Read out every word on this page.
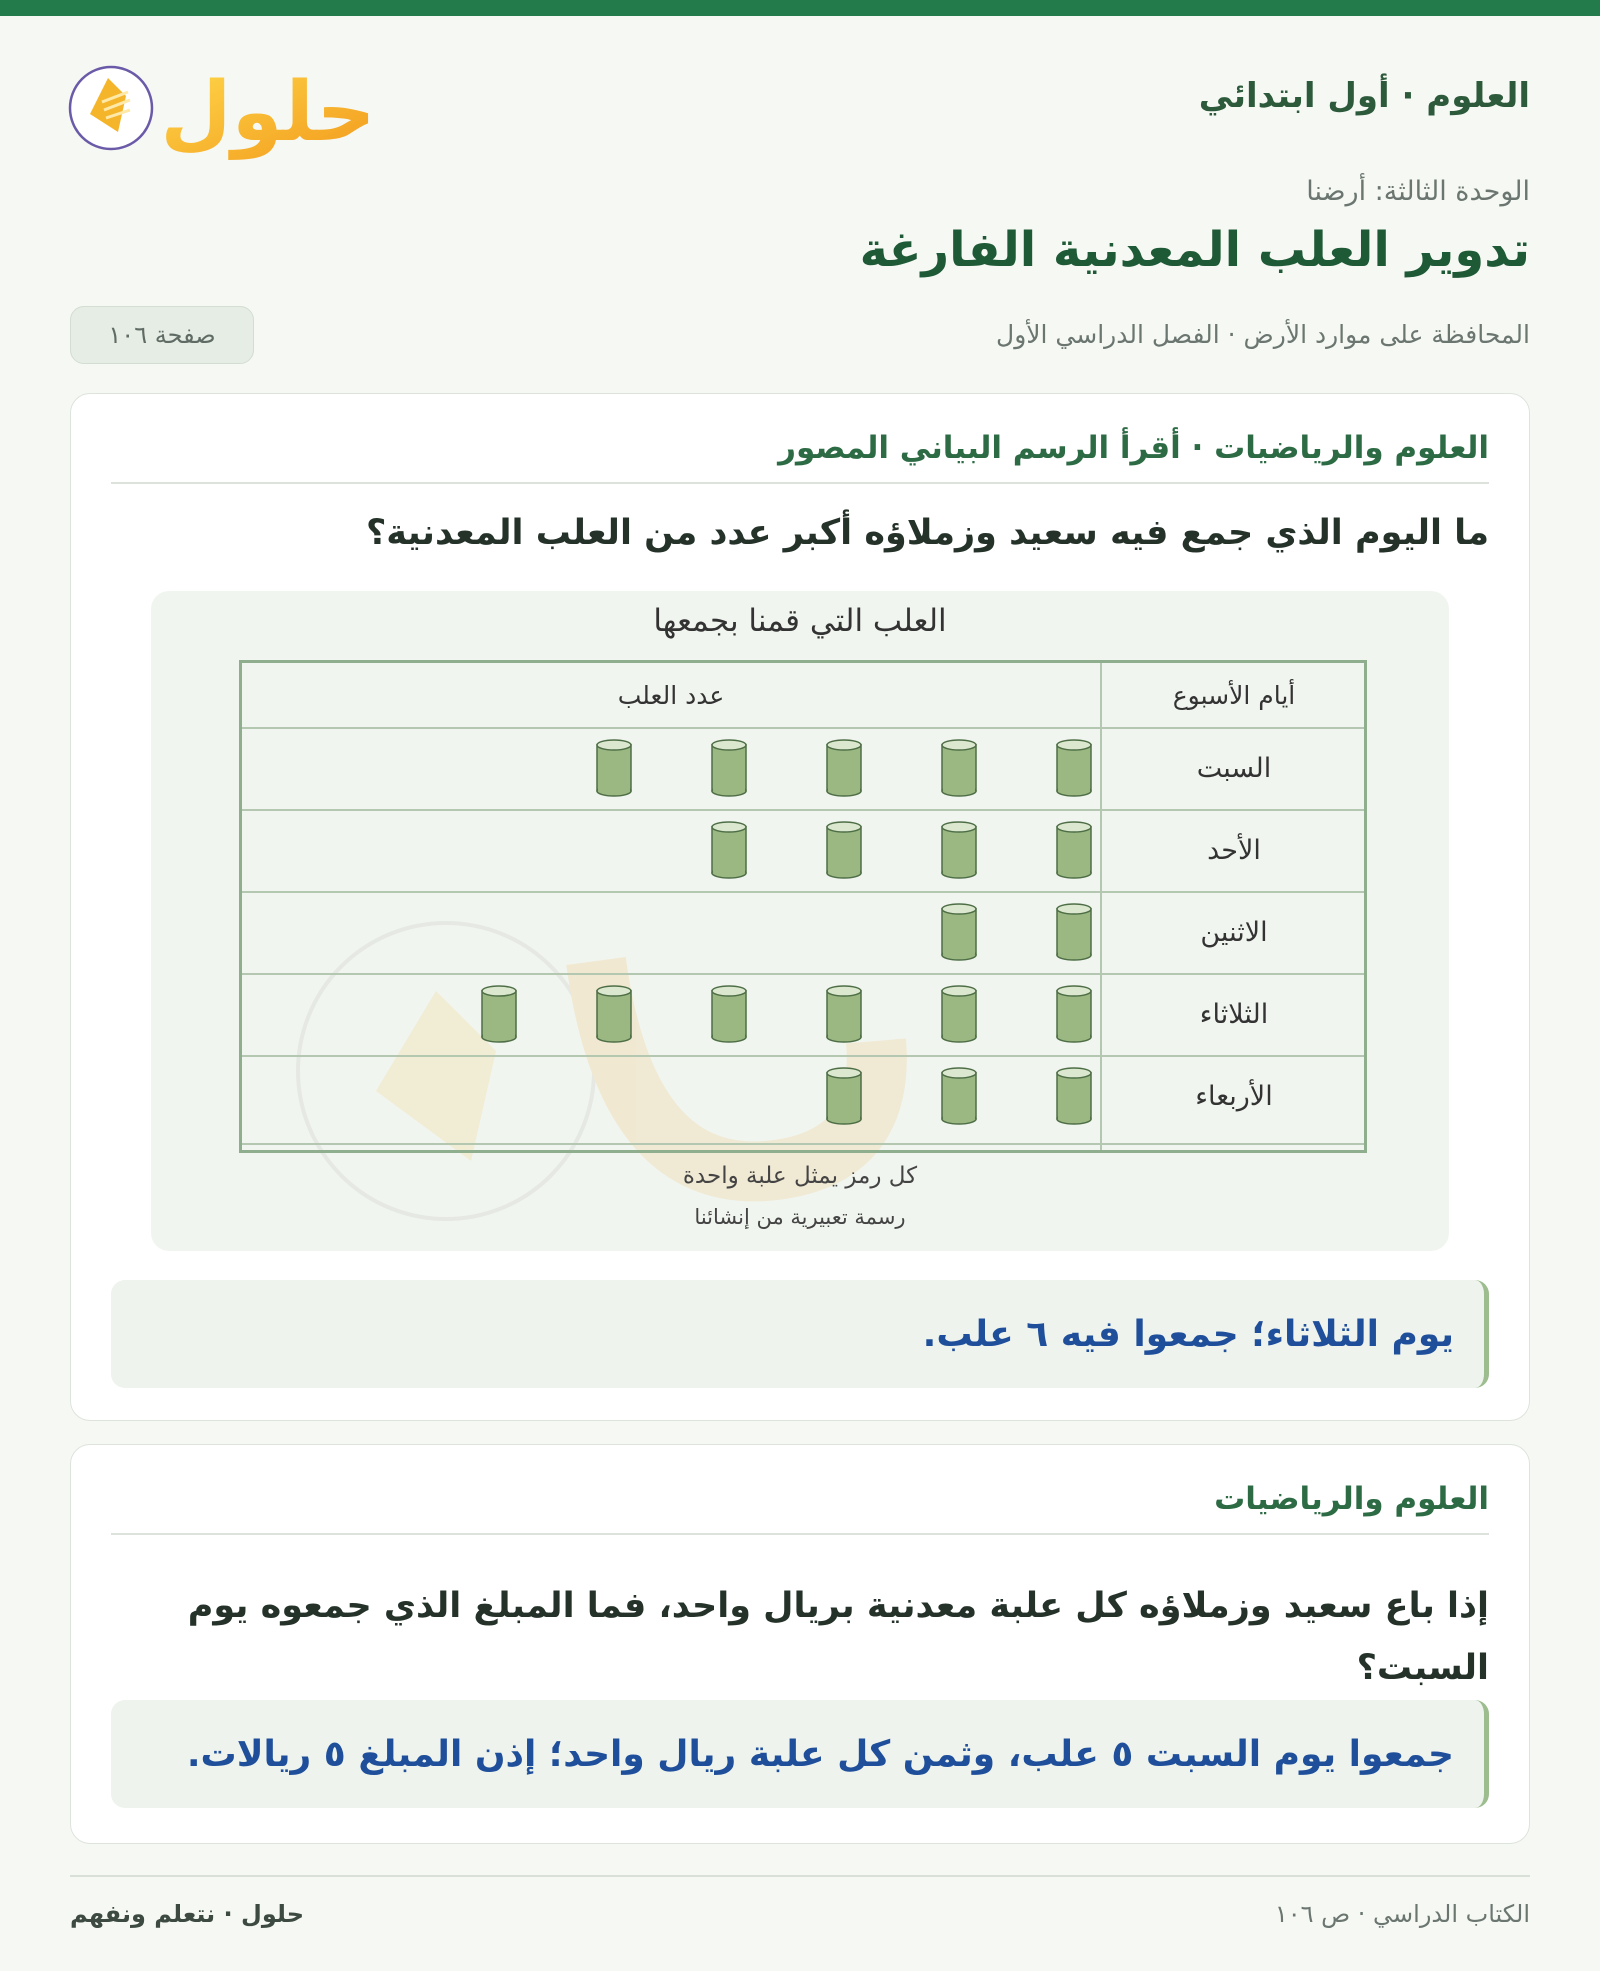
العلوم · أول ابتدائي
حلول
الوحدة الثالثة: أرضنا
تدوير العلب المعدنية الفارغة
المحافظة على موارد الأرض · الفصل الدراسي الأول
صفحة ١٠٦
العلوم والرياضيات · أقرأ الرسم البياني المصور

ما اليوم الذي جمع فيه سعيد وزملاؤه أكبر عدد من العلب المعدنية؟

العلب التي قمنا بجمعها
أيام الأسبوع
عدد العلب
السبت
الأحد
الاثنين
الثلاثاء
الأربعاء
كل رمز يمثل علبة واحدة
رسمة تعبيرية من إنشائنا
يوم الثلاثاء؛ جمعوا فيه ٦ علب.
العلوم والرياضيات

إذا باع سعيد وزملاؤه كل علبة معدنية بريال واحد، فما المبلغ الذي جمعوه يوم السبت؟

جمعوا يوم السبت ٥ علب، وثمن كل علبة ريال واحد؛ إذن المبلغ ٥ ريالات.
الكتاب الدراسي · ص ١٠٦
حلول · نتعلم ونفهم
